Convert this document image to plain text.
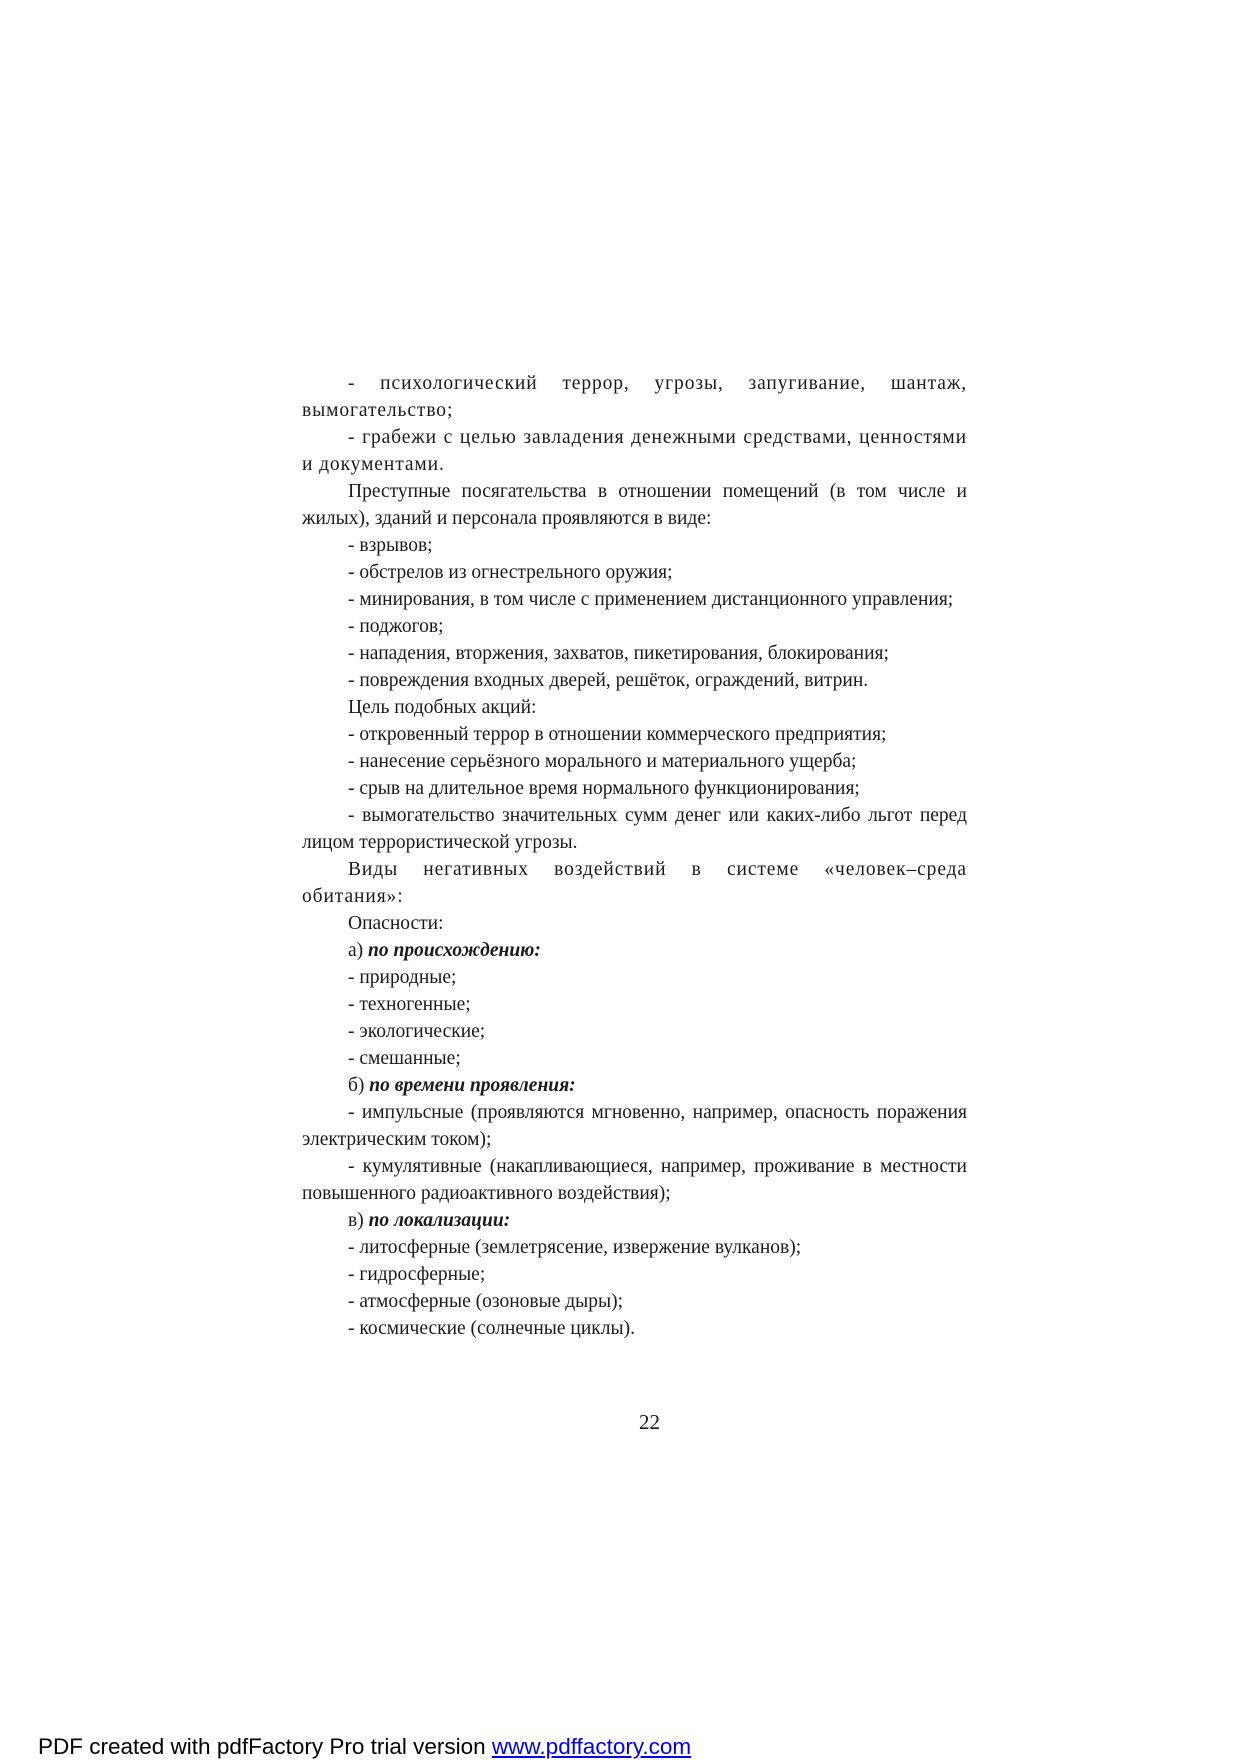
- психологический террор, угрозы, запугивание, шантаж, вымогательство;

- грабежи с целью завладения денежными средствами, ценностями и документами.

Преступные посягательства в отношении помещений (в том числе и жилых), зданий и персонала проявляются в виде:

- взрывов;

- обстрелов из огнестрельного оружия;

- минирования, в том числе с применением дистанционного управления;

- поджогов;

- нападения, вторжения, захватов, пикетирования, блокирования;

- повреждения входных дверей, решёток, ограждений, витрин.

Цель подобных акций:

- откровенный террор в отношении коммерческого предприятия;

- нанесение серьёзного морального и материального ущерба;

- срыв на длительное время нормального функционирования;

- вымогательство значительных сумм денег или каких-либо льгот перед лицом террористической угрозы.

Виды негативных воздействий в системе «человек–среда обитания»:

Опасности:

а) по происхождению:

- природные;

- техногенные;

- экологические;

- смешанные;

б) по времени проявления:

- импульсные (проявляются мгновенно, например, опасность поражения электрическим током);

- кумулятивные (накапливающиеся, например, проживание в местности повышенного радиоактивного воздействия);

в) по локализации:

- литосферные (землетрясение, извержение вулканов);

- гидросферные;

- атмосферные (озоновые дыры);

- космические (солнечные циклы).

22
PDF created with pdfFactory Pro trial version www.pdffactory.com
